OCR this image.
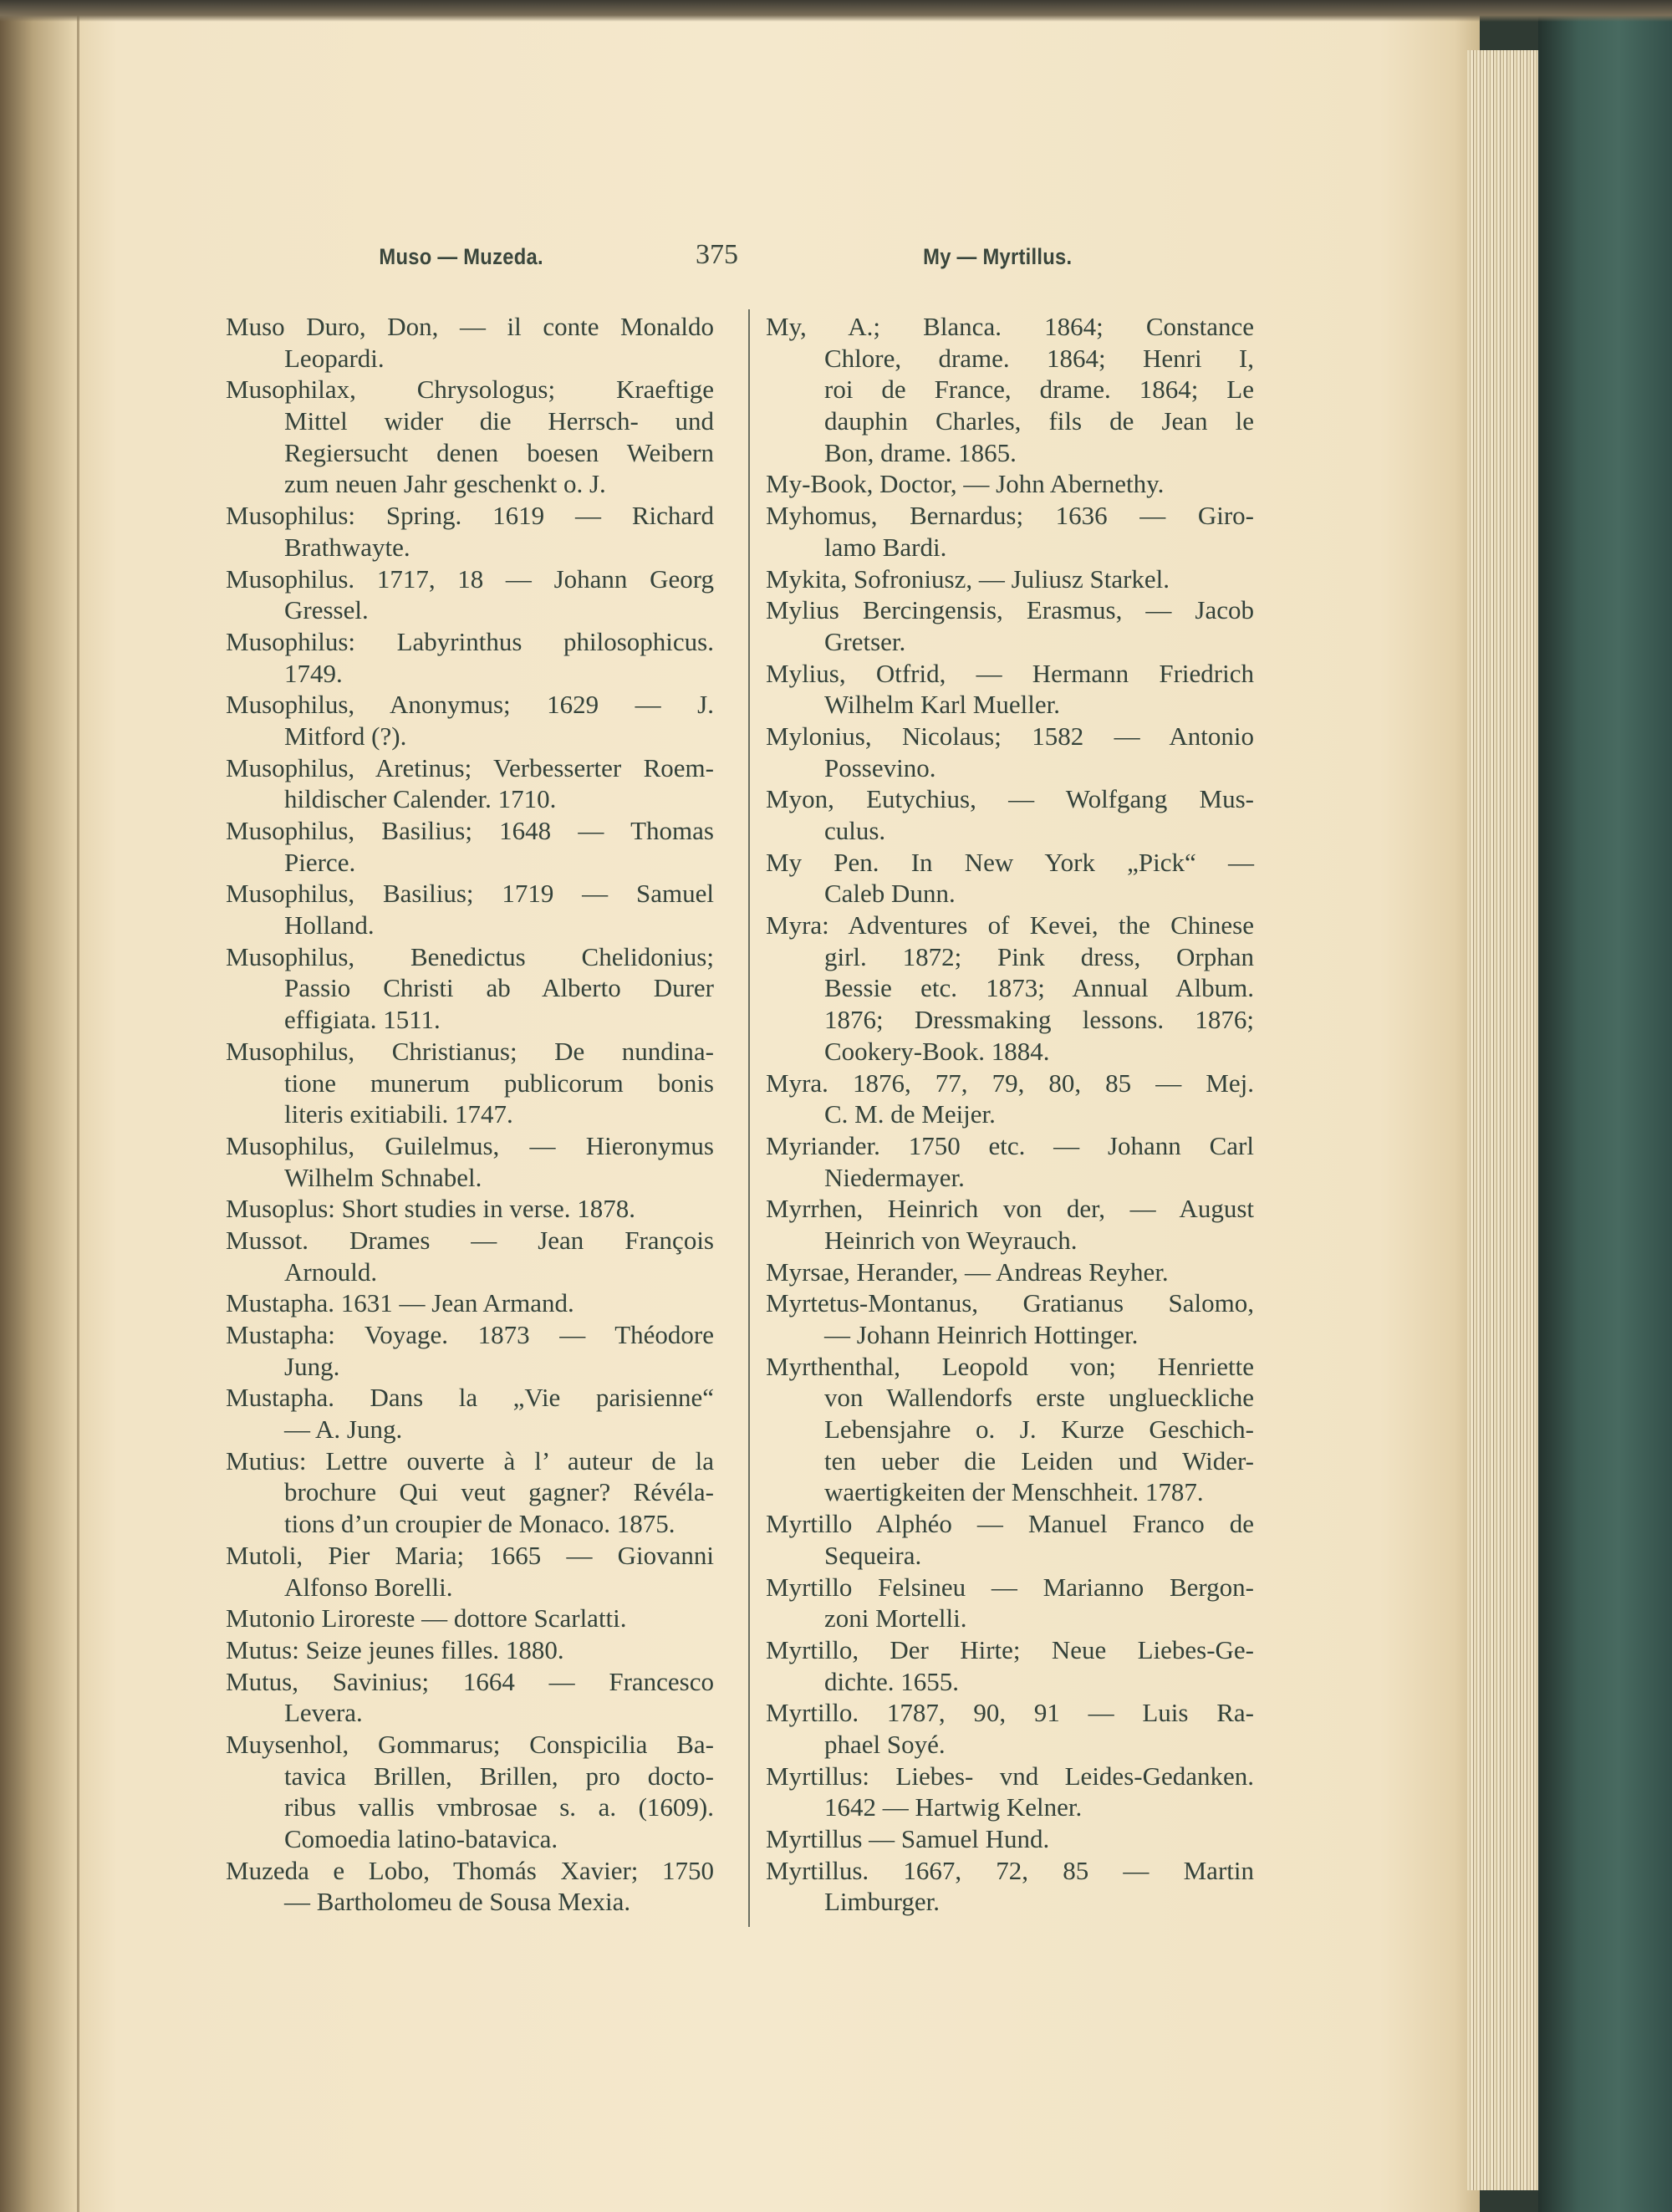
Muso — Muzeda.	375	My — Myrtillus.
Muso Duro, Don, — il conte Monaldo
Leopardi.
Musophilax, Chrysologus; Kraeftige
Mittel wider die Herrsch- und
Regiersucht denen boesen Weibern
zum neuen Jahr geschenkt o. J.
Musophilus: Spring. 1619 — Richard
Brathwayte.
Musophilus. 1717, 18 — Johann Georg
Gressel.
Musophilus: Labyrinthus philosophicus.
1749.
Musophilus, Anonymus; 1629 — J.
Mitford (?).
Musophilus, Aretinus; Verbesserter Roem-
hildischer Calender. 1710.
Musophilus, Basilius; 1648 — Thomas
Pierce.
Musophilus, Basilius; 1719 — Samuel
Holland.
Musophilus, Benedictus Chelidonius;
Passio Christi ab Alberto Durer
effigiata. 1511.
Musophilus, Christianus; De nundina-
tione munerum publicorum bonis
literis exitiabili. 1747.
Musophilus, Guilelmus, — Hieronymus
Wilhelm Schnabel.
Musoplus: Short studies in verse. 1878.
Mussot. Drames — Jean François
Arnould.
Mustapha. 1631 — Jean Armand.
Mustapha: Voyage. 1873 — Théodore
Jung.
Mustapha. Dans la „Vie parisienne“
— A. Jung.
Mutius: Lettre ouverte à l’ auteur de la
brochure Qui veut gagner? Révéla-
tions d’un croupier de Monaco. 1875.
Mutoli, Pier Maria; 1665 — Giovanni
Alfonso Borelli.
Mutonio Liroreste — dottore Scarlatti.
Mutus: Seize jeunes filles. 1880.
Mutus, Savinius; 1664 — Francesco
Levera.
Muysenhol, Gommarus; Conspicilia Ba-
tavica Brillen, Brillen, pro docto-
ribus vallis vmbrosae s. a. (1609).
Comoedia latino-batavica.
Muzeda e Lobo, Thomás Xavier; 1750
— Bartholomeu de Sousa Mexia.
My, A.; Blanca. 1864; Constance
Chlore, drame. 1864; Henri I,
roi de France, drame. 1864; Le
dauphin Charles, fils de Jean le
Bon, drame. 1865.
My-Book, Doctor, — John Abernethy.
Myhomus, Bernardus; 1636 — Giro-
lamo Bardi.
Mykita, Sofroniusz, — Juliusz Starkel.
Mylius Bercingensis, Erasmus, — Jacob
Gretser.
Mylius, Otfrid, — Hermann Friedrich
Wilhelm Karl Mueller.
Mylonius, Nicolaus; 1582 — Antonio
Possevino.
Myon, Eutychius, — Wolfgang Mus-
culus.
My Pen. In New York „Pick“ —
Caleb Dunn.
Myra: Adventures of Kevei, the Chinese
girl. 1872; Pink dress, Orphan
Bessie etc. 1873; Annual Album.
1876; Dressmaking lessons. 1876;
Cookery-Book. 1884.
Myra. 1876, 77, 79, 80, 85 — Mej.
C. M. de Meijer.
Myriander. 1750 etc. — Johann Carl
Niedermayer.
Myrrhen, Heinrich von der, — August
Heinrich von Weyrauch.
Myrsae, Herander, — Andreas Reyher.
Myrtetus-Montanus, Gratianus Salomo,
— Johann Heinrich Hottinger.
Myrthenthal, Leopold von; Henriette
von Wallendorfs erste unglueckliche
Lebensjahre o. J. Kurze Geschich-
ten ueber die Leiden und Wider-
waertigkeiten der Menschheit. 1787.
Myrtillo Alphéo — Manuel Franco de
Sequeira.
Myrtillo Felsineu — Marianno Bergon-
zoni Mortelli.
Myrtillo, Der Hirte; Neue Liebes-Ge-
dichte. 1655.
Myrtillo. 1787, 90, 91 — Luis Ra-
phael Soyé.
Myrtillus: Liebes- vnd Leides-Gedanken.
1642 — Hartwig Kelner.
Myrtillus — Samuel Hund.
Myrtillus. 1667, 72, 85 — Martin
Limburger.
